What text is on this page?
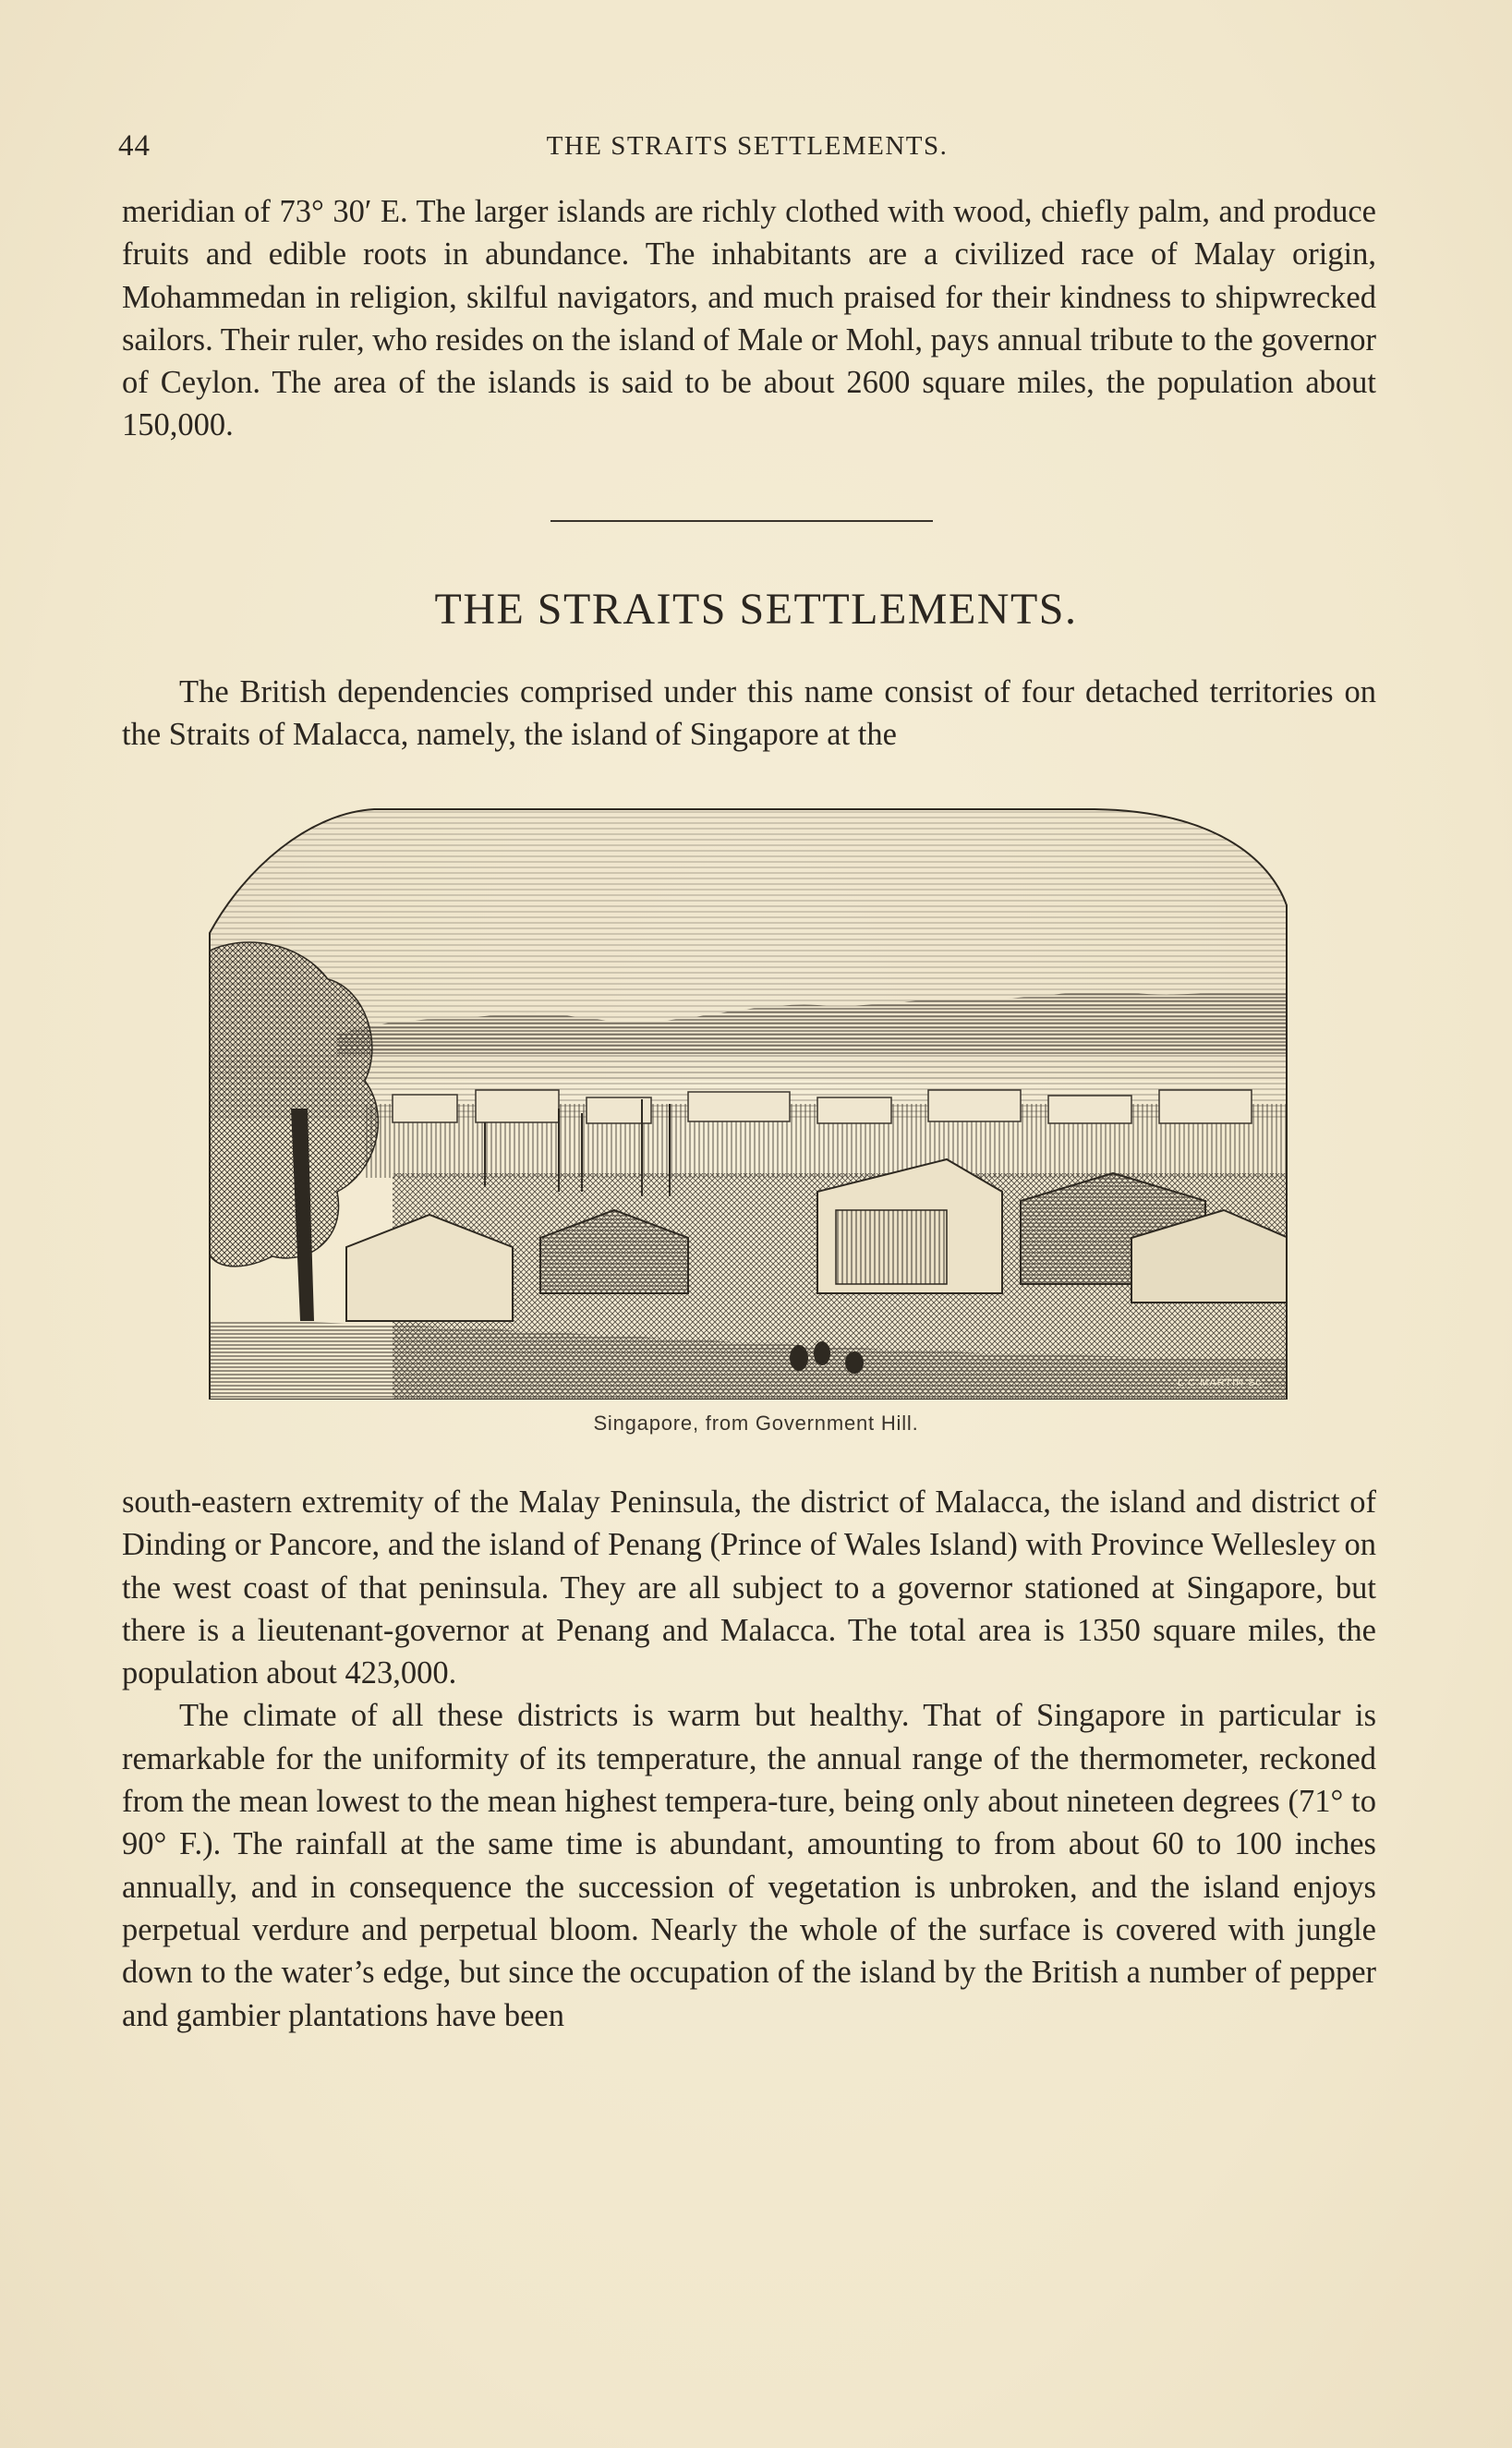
44	THE STRAITS SETTLEMENTS.

meridian of 73° 30′ E. The larger islands are richly clothed with wood, chiefly palm, and produce fruits and edible roots in abundance. The inhabitants are a civilized race of Malay origin, Mohammedan in religion, skilful navigators, and much praised for their kindness to shipwrecked sailors. Their ruler, who resides on the island of Male or Mohl, pays annual tribute to the governor of Ceylon. The area of the islands is said to be about 2600 square miles, the population about 150,000.

THE STRAITS SETTLEMENTS.

The British dependencies comprised under this name consist of four detached territories on the Straits of Malacca, namely, the island of Singapore at the

L.C.MARTIN Sc.
Singapore, from Government Hill.

south-eastern extremity of the Malay Peninsula, the district of Malacca, the island and district of Dinding or Pancore, and the island of Penang (Prince of Wales Island) with Province Wellesley on the west coast of that peninsula. They are all subject to a governor stationed at Singapore, but there is a lieutenant-governor at Penang and Malacca. The total area is 1350 square miles, the population about 423,000.

The climate of all these districts is warm but healthy. That of Singapore in particular is remarkable for the uniformity of its temperature, the annual range of the thermometer, reckoned from the mean lowest to the mean highest tempera-ture, being only about nineteen degrees (71° to 90° F.). The rainfall at the same time is abundant, amounting to from about 60 to 100 inches annually, and in consequence the succession of vegetation is unbroken, and the island enjoys perpetual verdure and perpetual bloom. Nearly the whole of the surface is covered with jungle down to the water’s edge, but since the occupation of the island by the British a number of pepper and gambier plantations have been
